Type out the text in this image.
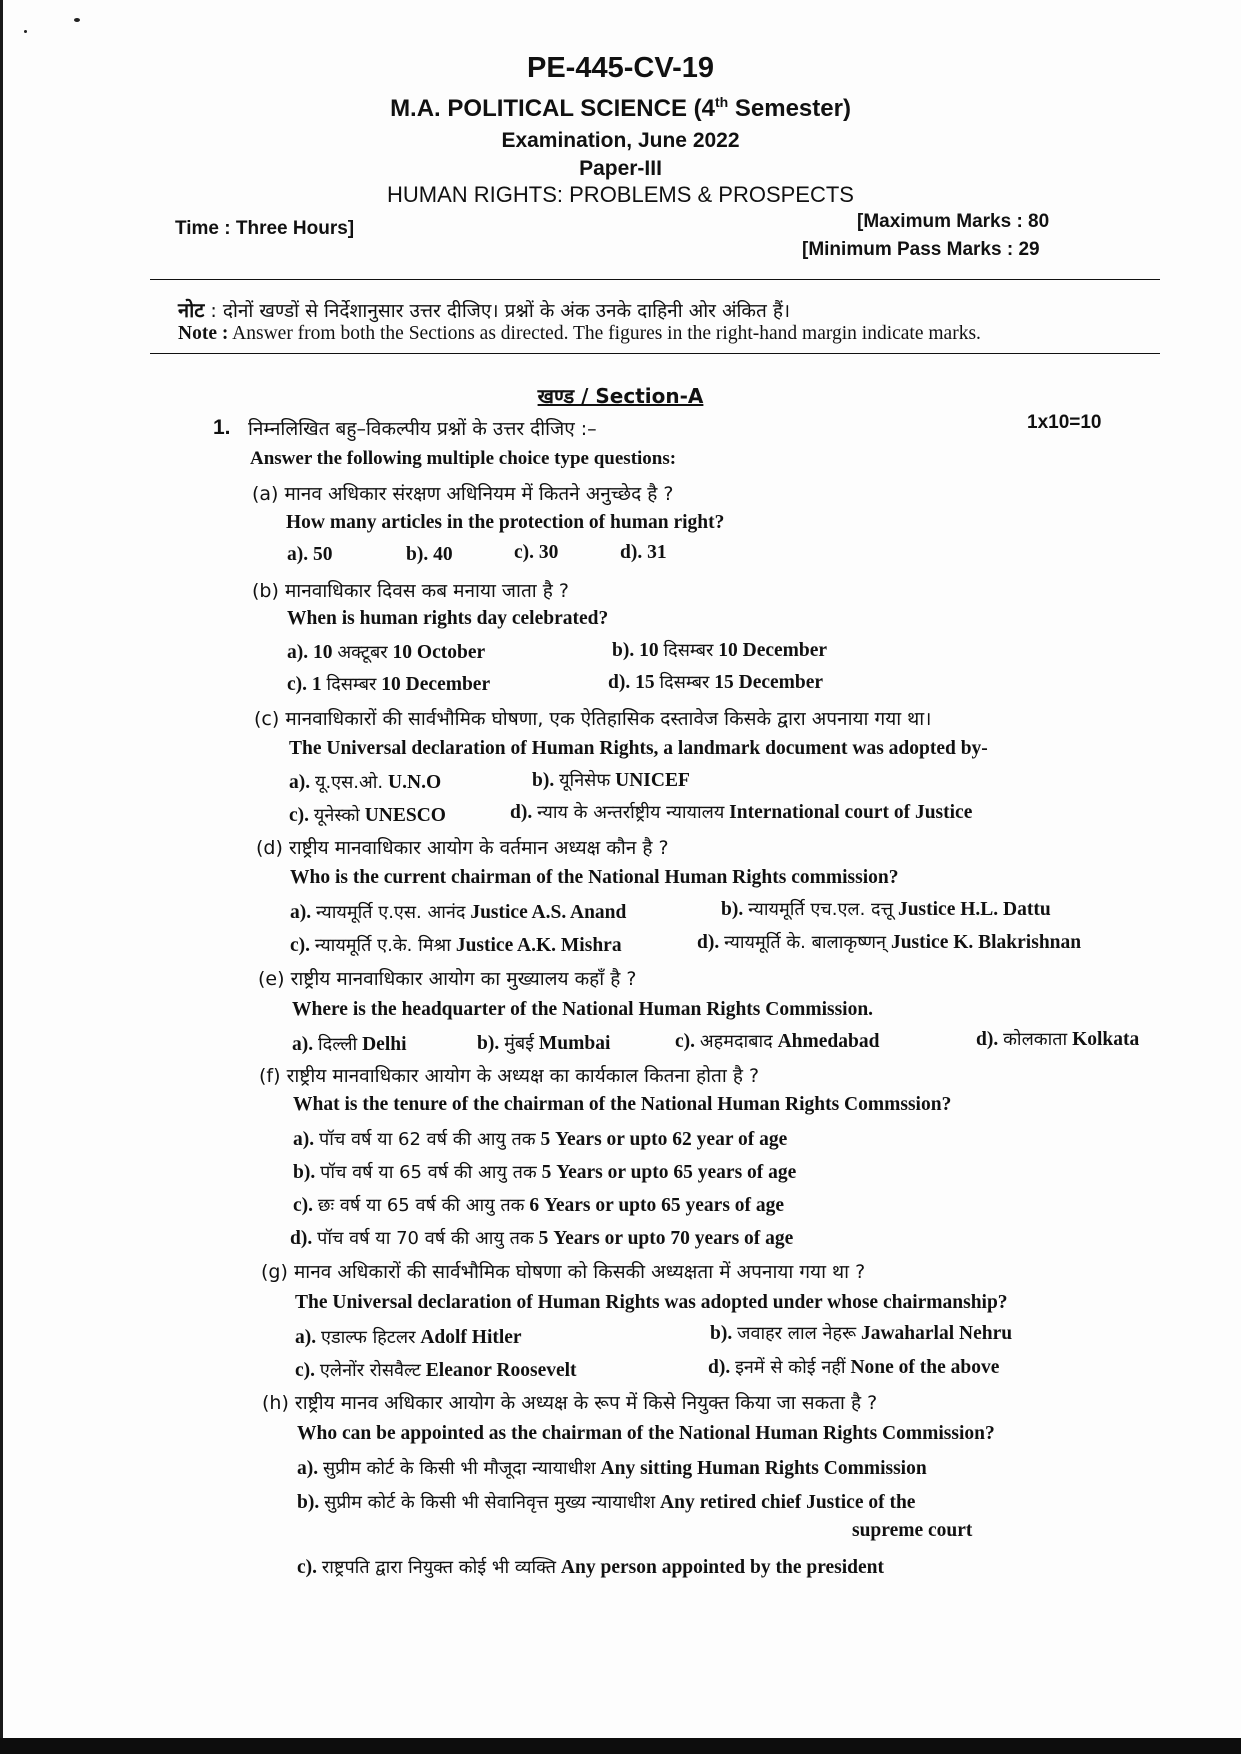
PE-445-CV-19
M.A. POLITICAL SCIENCE (4th Semester)
Examination, June 2022
Paper-III
HUMAN RIGHTS: PROBLEMS & PROSPECTS
Time : Three Hours]	[Maximum Marks : 80
[Minimum Pass Marks : 29
नोट : दोनों खण्डों से निर्देशानुसार उत्तर दीजिए। प्रश्नों के अंक उनके दाहिनी ओर अंकित हैं।
Note : Answer from both the Sections as directed. The figures in the right-hand margin indicate marks.
खण्ड / Section-A
1. निम्नलिखित बहु–विकल्पीय प्रश्नों के उत्तर दीजिए :–	1x10=10
Answer the following multiple choice type questions:
(a) मानव अधिकार संरक्षण अधिनियम में कितने अनुच्छेद है ?
How many articles in the protection of human right?
a). 50	b). 40	c). 30	d). 31
(b) मानवाधिकार दिवस कब मनाया जाता है ?
When is human rights day celebrated?
a). 10 अक्टूबर 10 October	b). 10 दिसम्बर 10 December
c). 1 दिसम्बर 10 December	d). 15 दिसम्बर 15 December
(c) मानवाधिकारों की सार्वभौमिक घोषणा, एक ऐतिहासिक दस्तावेज किसके द्वारा अपनाया गया था।
The Universal declaration of Human Rights, a landmark document was adopted by-
a). यू.एस.ओ. U.N.O	b). यूनिसेफ UNICEF
c). यूनेस्को UNESCO	d). न्याय के अन्तर्राष्ट्रीय न्यायालय International court of Justice
(d) राष्ट्रीय मानवाधिकार आयोग के वर्तमान अध्यक्ष कौन है ?
Who is the current chairman of the National Human Rights commission?
a). न्यायमूर्ति ए.एस. आनंद Justice A.S. Anand	b). न्यायमूर्ति एच.एल. दत्तू Justice H.L. Dattu
c). न्यायमूर्ति ए.के. मिश्रा Justice A.K. Mishra	d). न्यायमूर्ति के. बालाकृष्णन् Justice K. Blakrishnan
(e) राष्ट्रीय मानवाधिकार आयोग का मुख्यालय कहाँ है ?
Where is the headquarter of the National Human Rights Commission.
a). दिल्ली Delhi	b). मुंबई Mumbai	c). अहमदाबाद Ahmedabad	d). कोलकाता Kolkata
(f) राष्ट्रीय मानवाधिकार आयोग के अध्यक्ष का कार्यकाल कितना होता है ?
What is the tenure of the chairman of the National Human Rights Commssion?
a). पॉच वर्ष या 62 वर्ष की आयु तक 5 Years or upto 62 year of age
b). पॉच वर्ष या 65 वर्ष की आयु तक 5 Years or upto 65 years of age
c). छः वर्ष या 65 वर्ष की आयु तक 6 Years or upto 65 years of age
d). पॉच वर्ष या 70 वर्ष की आयु तक 5 Years or upto 70 years of age
(g) मानव अधिकारों की सार्वभौमिक घोषणा को किसकी अध्यक्षता में अपनाया गया था ?
The Universal declaration of Human Rights was adopted under whose chairmanship?
a). एडाल्फ हिटलर Adolf Hitler	b). जवाहर लाल नेहरू Jawaharlal Nehru
c). एलेनोंर रोसवैल्ट Eleanor Roosevelt	d). इनमें से कोई नहीं None of the above
(h) राष्ट्रीय मानव अधिकार आयोग के अध्यक्ष के रूप में किसे नियुक्त किया जा सकता है ?
Who can be appointed as the chairman of the National Human Rights Commission?
a). सुप्रीम कोर्ट के किसी भी मौजूदा न्यायाधीश Any sitting Human Rights Commission
b). सुप्रीम कोर्ट के किसी भी सेवानिवृत्त मुख्य न्यायाधीश Any retired chief Justice of the
supreme court
c). राष्ट्रपति द्वारा नियुक्त कोई भी व्यक्ति Any person appointed by the president
